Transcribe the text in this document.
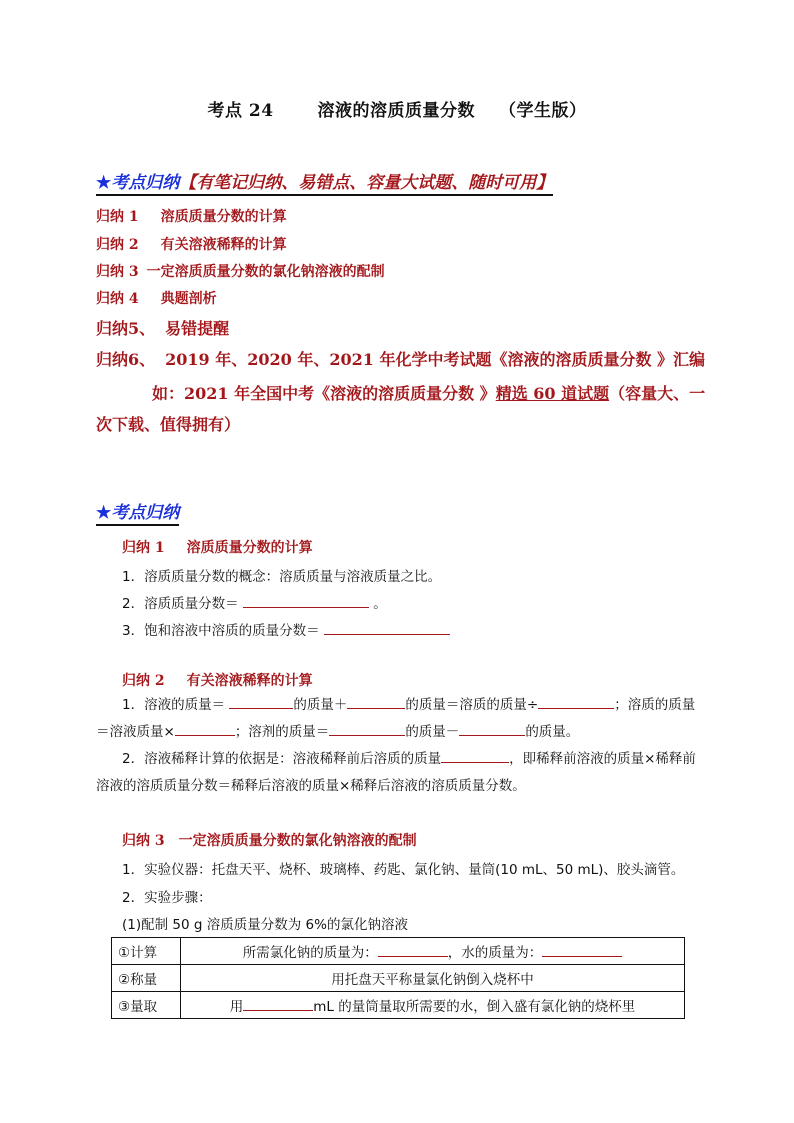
考点 24	溶液的溶质质量分数 （学生版）
★考点归纳【有笔记归纳、易错点、容量大试题、随时可用】
归纳 1 溶质质量分数的计算
归纳 2 有关溶液稀释的计算
归纳 3 一定溶质质量分数的氯化钠溶液的配制
归纳 4 典题剖析
归纳5、 易错提醒
归纳6、 2019 年、2020 年、2021 年化学中考试题《溶液的溶质质量分数 》汇编
如：2021 年全国中考《溶液的溶质质量分数 》精选 60 道试题（容量大、一次下载、值得拥有）
★考点归纳
归纳 1 溶质质量分数的计算
1．溶质质量分数的概念：溶质质量与溶液质量之比。
2．溶质质量分数＝	。
3．饱和溶液中溶质的质量分数＝
归纳 2 有关溶液稀释的计算
1．溶液的质量＝	的质量＋	的质量＝溶质的质量÷	；溶质的质量＝溶液质量×	；溶剂的质量＝	的质量－	的质量。
2．溶液稀释计算的依据是：溶液稀释前后溶质的质量	，即稀释前溶液的质量×稀释前溶液的溶质质量分数＝稀释后溶液的质量×稀释后溶液的溶质质量分数。
归纳 3 一定溶质质量分数的氯化钠溶液的配制
1．实验仪器：托盘天平、烧杯、玻璃棒、药匙、氯化钠、量筒(10 mL、50 mL)、胶头滴管。
2．实验步骤：
(1)配制 50 g 溶质质量分数为 6%的氯化钠溶液
①计算	所需氯化钠的质量为： ，水的质量为：
②称量	用托盘天平称量氯化钠倒入烧杯中
③量取	用 mL 的量筒量取所需要的水，倒入盛有氯化钠的烧杯里
